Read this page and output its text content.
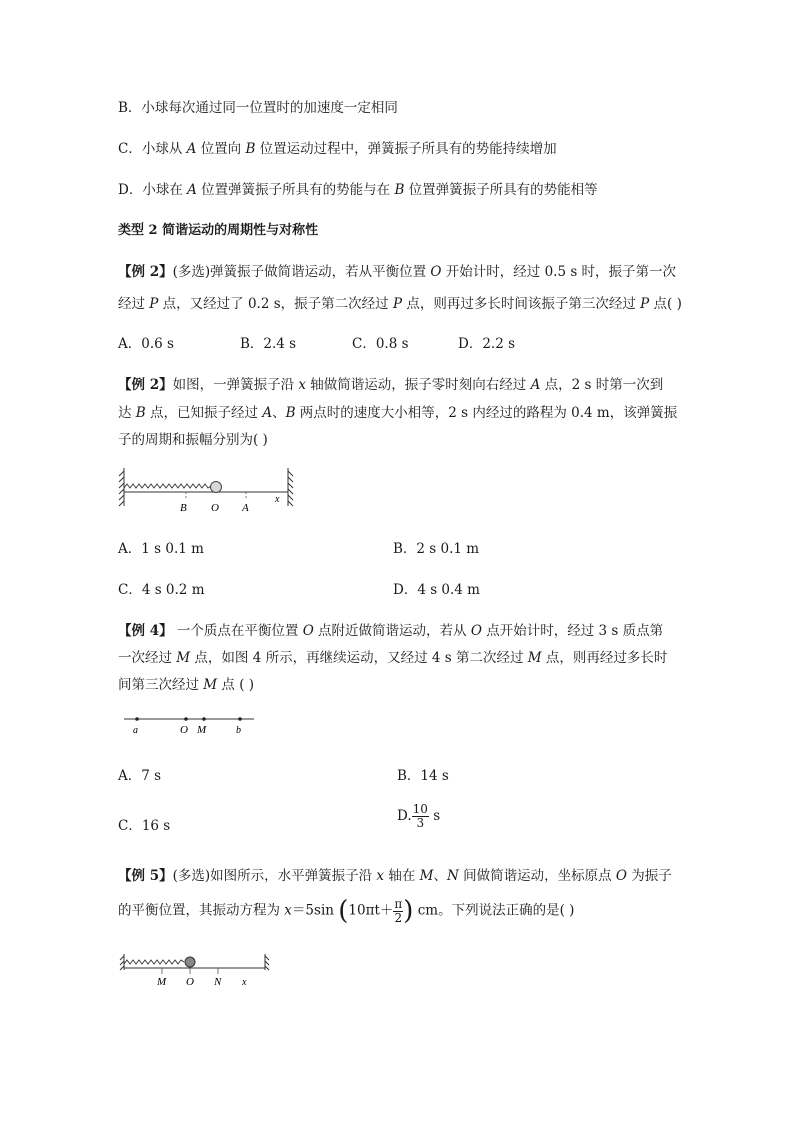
B．小球每次通过同一位置时的加速度一定相同
C．小球从 A 位置向 B 位置运动过程中，弹簧振子所具有的势能持续增加
D．小球在 A 位置弹簧振子所具有的势能与在 B 位置弹簧振子所具有的势能相等
类型 2 简谐运动的周期性与对称性
【例 2】(多选)弹簧振子做简谐运动，若从平衡位置 O 开始计时，经过 0.5 s 时，振子第一次
经过 P 点，又经过了 0.2 s，振子第二次经过 P 点，则再过多长时间该振子第三次经过 P 点( )
A．0.6 s	B．2.4 s	C．0.8 s	D．2.2 s
【例 2】如图，一弹簧振子沿 x 轴做简谐运动，振子零时刻向右经过 A 点，2 s 时第一次到
达 B 点，已知振子经过 A、B 两点时的速度大小相等，2 s 内经过的路程为 0.4 m，该弹簧振
子的周期和振幅分别为( )
B O A
x
A．1 s 0.1 m	B．2 s 0.1 m
C．4 s 0.2 m	D．4 s 0.4 m
【例 4】 一个质点在平衡位置 O 点附近做简谐运动，若从 O 点开始计时，经过 3 s 质点第
一次经过 M 点，如图 4 所示，再继续运动，又经过 4 s 第二次经过 M 点，则再经过多长时
间第三次经过 M 点 ( )
a	O M	b
A．7 s	B．14 s
C．16 s
D. $\frac{10}{3}$ s
【例 5】(多选)如图所示，水平弹簧振子沿 x 轴在 M、N 间做简谐运动，坐标原点 O 为振子
的平衡位置，其振动方程为 x＝5sin ($10\pi t+ \frac{\pi}{2}$ ) cm。下列说法正确的是( )
M O N x
